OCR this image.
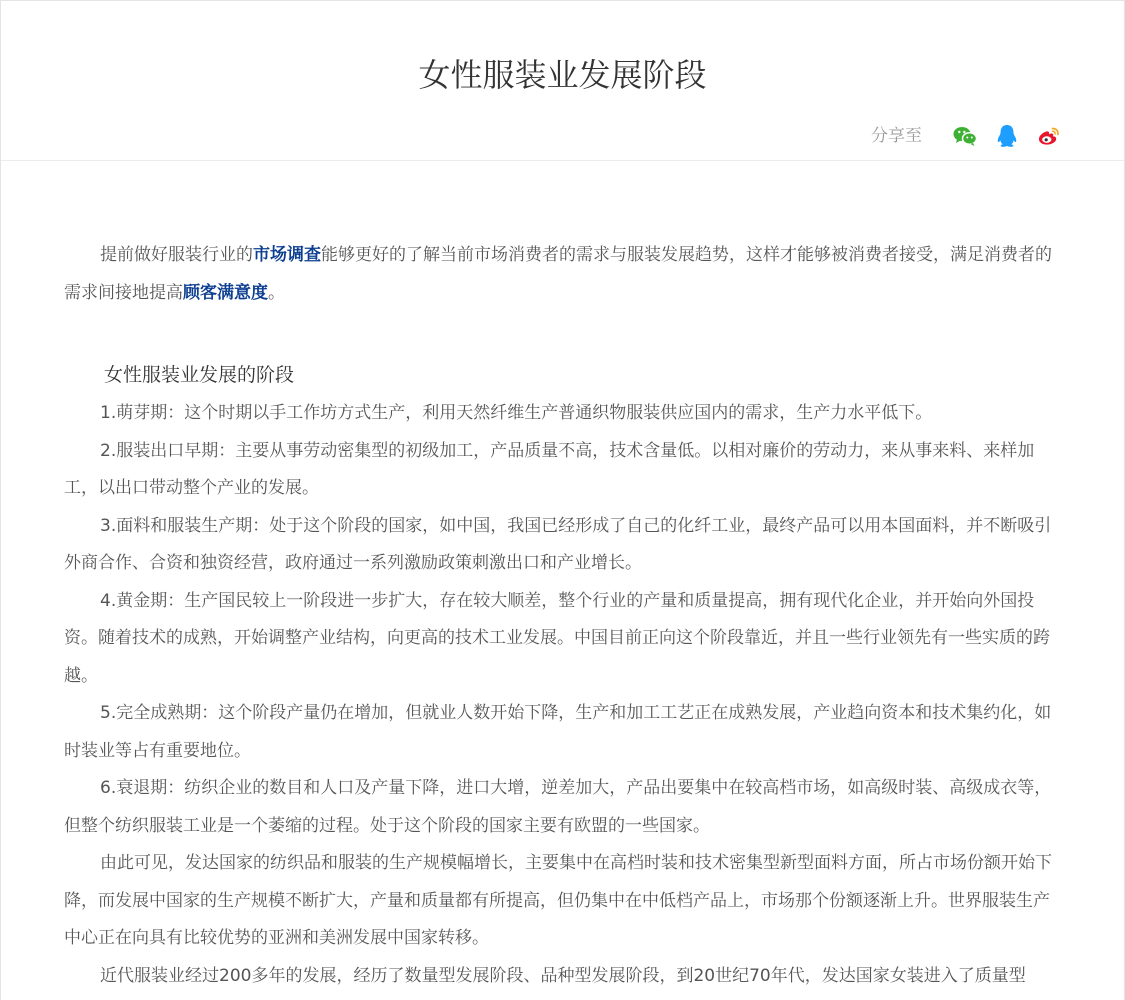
女性服装业发展阶段
分享至

提前做好服装行业的市场调查能够更好的了解当前市场消费者的需求与服装发展趋势，这样才能够被消费者接受，满足消费者的需求间接地提高顾客满意度。

女性服装业发展的阶段

1.萌芽期：这个时期以手工作坊方式生产，利用天然纤维生产普通织物服装供应国内的需求，生产力水平低下。

2.服装出口早期：主要从事劳动密集型的初级加工，产品质量不高，技术含量低。以相对廉价的劳动力，来从事来料、来样加工，以出口带动整个产业的发展。

3.面料和服装生产期：处于这个阶段的国家，如中国，我国已经形成了自己的化纤工业，最终产品可以用本国面料，并不断吸引外商合作、合资和独资经营，政府通过一系列激励政策刺激出口和产业增长。

4.黄金期：生产国民较上一阶段进一步扩大，存在较大顺差，整个行业的产量和质量提高，拥有现代化企业，并开始向外国投资。随着技术的成熟，开始调整产业结构，向更高的技术工业发展。中国目前正向这个阶段靠近，并且一些行业领先有一些实质的跨越。

5.完全成熟期：这个阶段产量仍在增加，但就业人数开始下降，生产和加工工艺正在成熟发展，产业趋向资本和技术集约化，如时装业等占有重要地位。

6.衰退期：纺织企业的数目和人口及产量下降，进口大增，逆差加大，产品出要集中在较高档市场，如高级时装、高级成衣等，但整个纺织服装工业是一个萎缩的过程。处于这个阶段的国家主要有欧盟的一些国家。

由此可见，发达国家的纺织品和服装的生产规模幅增长，主要集中在高档时装和技术密集型新型面料方面，所占市场份额开始下降，而发展中国家的生产规模不断扩大，产量和质量都有所提高，但仍集中在中低档产品上，市场那个份额逐渐上升。世界服装生产中心正在向具有比较优势的亚洲和美洲发展中国家转移。

近代服装业经过200多年的发展，经历了数量型发展阶段、品种型发展阶段，到20世纪70年代，发达国家女装进入了质量型
